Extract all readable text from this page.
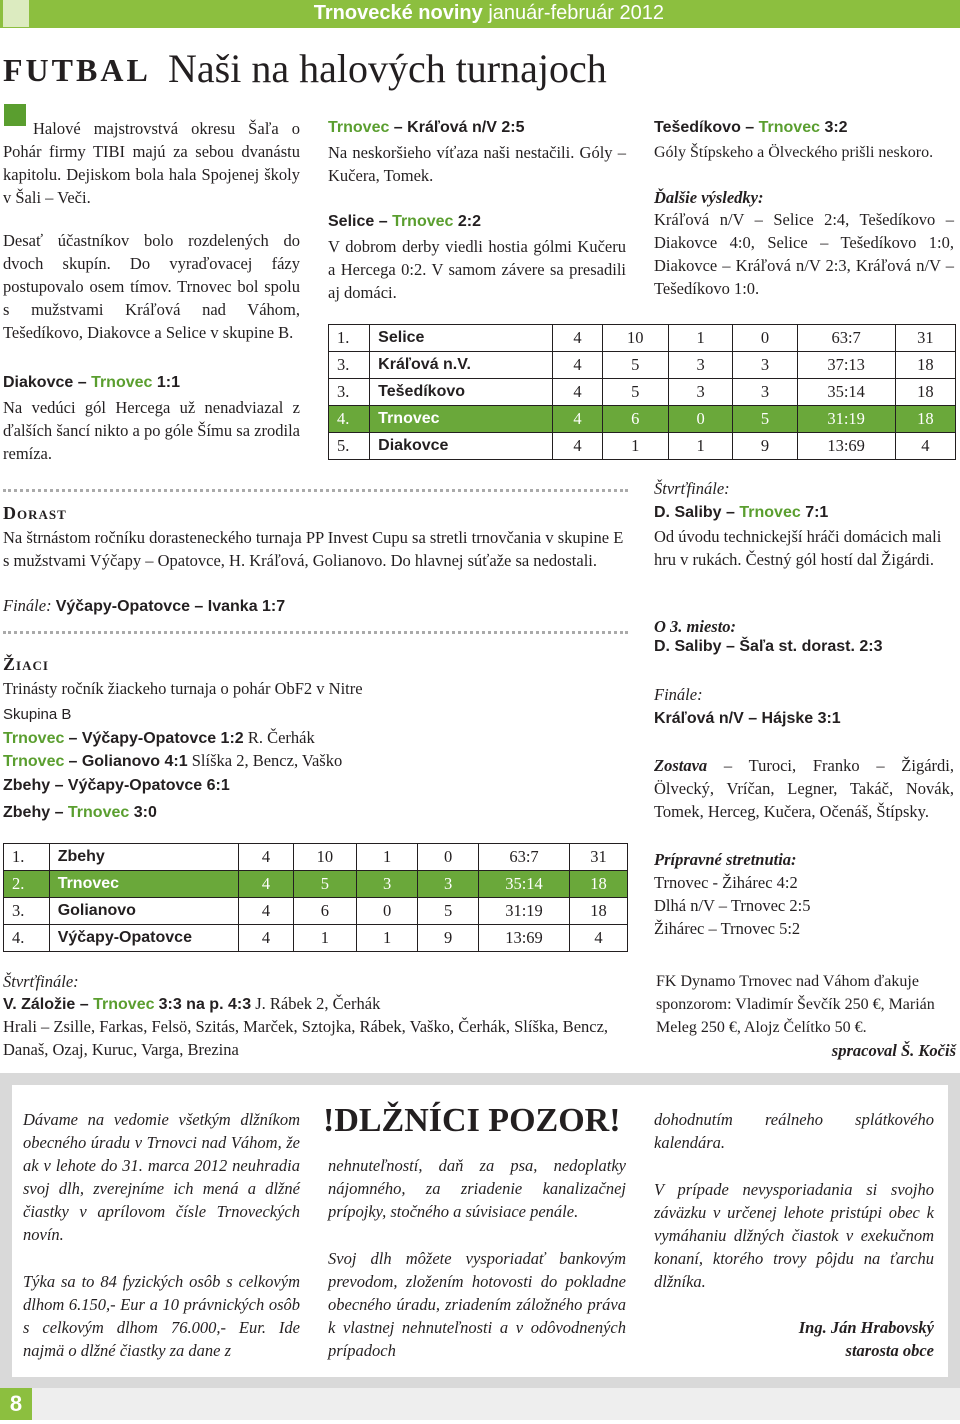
Trnovecké noviny január-február 2012
FUTBAL Naši na halových turnajoch
Halové majstrovstvá okresu Šaľa o Pohár firmy TIBI majú za sebou dvanástu kapitolu. Dejiskom bola hala Spojenej školy v Šali – Veči.
Desať účastníkov bolo rozdelených do dvoch skupín. Do vyraďovacej fázy postupovalo osem tímov. Trnovec bol spolu s mužstvami Kráľová nad Váhom, Tešedíkovo, Diakovce a Selice v skupine B.
Diakovce – Trnovec 1:1
Na vedúci gól Hercega už nenadviazal z ďalších šancí nikto a po góle Šímu sa zrodila remíza.
Trnovec – Kráľová n/V 2:5
Na neskoršieho víťaza naši nestačili. Góly – Kučera, Tomek.
Selice – Trnovec 2:2
V dobrom derby viedli hostia gólmi Kučeru a Hercega 0:2. V samom závere sa presadili aj domáci.
Tešedíkovo – Trnovec 3:2
Góly Štípskeho a Ölveckého prišli neskoro.
Ďalšie výsledky:
Kráľová n/V – Selice 2:4, Tešedíkovo – Diakovce 4:0, Selice – Tešedíkovo 1:0, Diakovce – Kráľová n/V 2:3, Kráľová n/V – Tešedíkovo 1:0.
1.	Selice	4	10	1	0	63:7	31
3.	Kráľová n.V.	4	5	3	3	37:13	18
3.	Tešedíkovo	4	5	3	3	35:14	18
4.	Trnovec	4	6	0	5	31:19	18
5.	Diakovce	4	1	1	9	13:69	4
Dorast
Na štrnástom ročníku dorasteneckého turnaja PP Invest Cupu sa stretli trnovčania v skupine E s mužstvami Výčapy – Opatovce, H. Kráľová, Golianovo. Do hlavnej súťaže sa nedostali.
Finále: Výčapy-Opatovce – Ivanka 1:7
Žiaci
Trinásty ročník žiackeho turnaja o pohár ObF2 v Nitre
Skupina B
Trnovec – Výčapy-Opatovce 1:2 R. Čerhák
Trnovec – Golianovo 4:1 Slíška 2, Bencz, Vaško
Zbehy – Výčapy-Opatovce 6:1
Zbehy – Trnovec 3:0
1.	Zbehy	4	10	1	0	63:7	31
2.	Trnovec	4	5	3	3	35:14	18
3.	Golianovo	4	6	0	5	31:19	18
4.	Výčapy-Opatovce	4	1	1	9	13:69	4
Štvrťfinále:
V. Záložie – Trnovec 3:3 na p. 4:3 J. Rábek 2, Čerhák
Hrali – Zsille, Farkas, Felsö, Szitás, Marček, Sztojka, Rábek, Vaško, Čerhák, Slíška, Bencz, Današ, Ozaj, Kuruc, Varga, Brezina
Štvrťfinále:
D. Saliby – Trnovec 7:1
Od úvodu technickejší hráči domácich mali hru v rukách. Čestný gól hostí dal Žigárdi.
O 3. miesto:
D. Saliby – Šaľa st. dorast. 2:3
Finále:
Kráľová n/V – Hájske 3:1
Zostava – Turoci, Franko – Žigárdi, Ölvecký, Vríčan, Legner, Takáč, Novák, Tomek, Herceg, Kučera, Očenáš, Štípsky.
Prípravné stretnutia:
Trnovec - Žihárec 4:2
Dlhá n/V – Trnovec 2:5
Žihárec – Trnovec 5:2
FK Dynamo Trnovec nad Váhom ďakuje sponzorom: Vladimír Ševčík 250 €, Marián Meleg 250 €, Alojz Čelítko 50 €.
spracoval Š. Kočiš
Dávame na vedomie všetkým dlžníkom obecného úradu v Trnovci nad Váhom, že ak v lehote do 31. marca 2012 neuhradia svoj dlh, zverejníme ich mená a dlžné čiastky v aprílovom čísle Trnoveckých novín.
Týka sa to 84 fyzických osôb s celkovým dlhom 6.150,- Eur a 10 právnických osôb s celkovým dlhom 76.000,- Eur. Ide najmä o dlžné čiastky za dane z
!DLŽNÍCI POZOR!
nehnuteľností, daň za psa, nedoplatky nájomného, za zriadenie kanalizačnej prípojky, stočného a súvisiace penále.
Svoj dlh môžete vysporiadať bankovým prevodom, zložením hotovosti do pokladne obecného úradu, zriadením záložného práva k vlastnej nehnuteľnosti a v odôvodnených prípadoch
dohodnutím reálneho splátkového kalendára.
V prípade nevysporiadania si svojho záväzku v určenej lehote pristúpi obec k vymáhaniu dlžných čiastok v exekučnom konaní, ktorého trovy pôjdu na ťarchu dlžníka.
Ing. Ján Hrabovský
starosta obce
8
